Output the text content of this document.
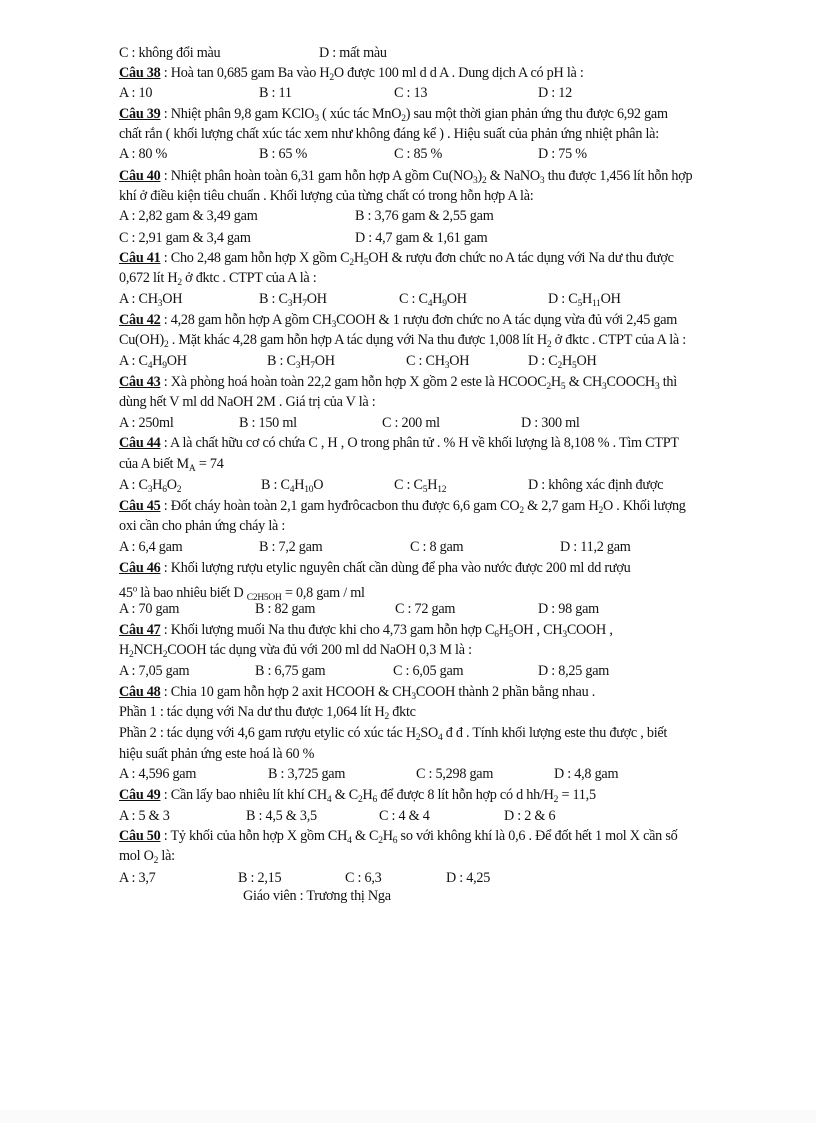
C : không đổi màu	D : mất màu
Câu 38 : Hoà tan 0,685 gam Ba vào $H_2O$ được 100 ml d d A . Dung dịch A có pH là :
A : 10	B : 11	C : 13	D : 12
Câu 39 : Nhiệt phân 9,8 gam KClO$_3$ ( xúc tác MnO$_2$) sau một thời gian phản ứng thu được 6,92 gam
chất rắn ( khối lượng chất xúc tác xem như không đáng kể ) . Hiệu suất của phản ứng nhiệt phân là:
A : 80 %	B : 65 %	C : 85 %	D : 75 %
Câu 40 : Nhiệt phân hoàn toàn 6,31 gam hỗn hợp A gồm $Cu(NO_3)_2$ & NaNO$_3$ thu được 1,456 lít hỗn hợp
khí ở điều kiện tiêu chuẩn . Khối lượng của từng chất có trong hỗn hợp A là:
A : 2,82 gam & 3,49 gam	B : 3,76 gam & 2,55 gam
C : 2,91 gam & 3,4 gam	D : 4,7 gam & 1,61 gam
Câu 41 : Cho 2,48 gam hỗn hợp X gồm $C_2H_5OH$ & rượu đơn chức no A tác dụng với Na dư thu được
0,672 lít $H_2$ ở đktc . CTPT của A là :
A : $CH_3OH$	B : $C_3H_7OH$	C : $C_4H_9OH$	D : $C_5H_{11}OH$
Câu 42 : 4,28 gam hỗn hợp A gồm $CH_3COOH$ & 1 rượu đơn chức no A tác dụng vừa đủ với 2,45 gam
$Cu(OH)_2$ . Mặt khác 4,28 gam hỗn hợp A tác dụng với Na thu được 1,008 lít $H_2$ ở đktc . CTPT của A là :
A : $C_4H_9OH$	B : $C_3H_7OH$	C : $CH_3OH$	D : $C_2H_5OH$
Câu 43 : Xà phòng hoá hoàn toàn 22,2 gam hỗn hợp X gồm 2 este là $HCOOC_2H_5$ & $CH_3COOCH_3$ thì
dùng hết V ml dd NaOH 2M . Giá trị của V là :
A : 250ml	B : 150 ml	C : 200 ml	D : 300 ml
Câu 44 : A là chất hữu cơ có chứa C , H , O trong phân tử . % H về khối lượng là 8,108 % . Tìm CTPT
của A biết $M_A = 74$
A : $C_3H_6O_2$	B : $C_4H_{10}O$	C : $C_5H_{12}$	D : không xác định được
Câu 45 : Đốt cháy hoàn toàn 2,1 gam hyđrôcacbon thu được 6,6 gam $CO_2$ & 2,7 gam $H_2O$ . Khối lượng
oxi cần cho phản ứng cháy là :
A : 6,4 gam	B : 7,2 gam	C : 8 gam	D : 11,2 gam
Câu 46 : Khối lượng rượu etylic nguyên chất cần dùng để pha vào nước được 200 ml dd rượu
45$^o$ là bao nhiêu biết D $_{C2H5OH}$ = 0,8 gam / ml
A : 70 gam	B : 82 gam	C : 72 gam	D : 98 gam
Câu 47 : Khối lượng muối Na thu được khi cho 4,73 gam hỗn hợp $C_6H_5OH$ , $CH_3COOH$ ,
$H_2NCH_2COOH$ tác dụng vừa đủ với 200 ml dd NaOH 0,3 M là :
A : 7,05 gam	B : 6,75 gam	C : 6,05 gam	D : 8,25 gam
Câu 48 : Chia 10 gam hỗn hợp 2 axit HCOOH & $CH_3COOH$ thành 2 phần bằng nhau .
Phần 1 : tác dụng với Na dư thu được 1,064 lít $H_2$ đktc
Phần 2 : tác dụng với 4,6 gam rượu etylic có xúc tác $H_2SO_4$ đ đ . Tính khối lượng este thu được , biết
hiệu suất phản ứng este hoá là 60 %
A : 4,596 gam	B : 3,725 gam	C : 5,298 gam	D : 4,8 gam
Câu 49 : Cần lấy bao nhiêu lít khí $CH_4$ & $C_2H_6$ để được 8 lít hỗn hợp có d $hh/H_2 = 11,5$
A : 5 & 3	B : 4,5 & 3,5	C : 4 & 4	D : 2 & 6
Câu 50 : Tỷ khối của hỗn hợp X gồm $CH_4$ & $C_2H_6$ so với không khí là 0,6 . Để đốt hết 1 mol X cần số
mol $O_2$ là:
A : 3,7	B : 2,15	C : 6,3	D : 4,25
Giáo viên : Trương thị Nga
